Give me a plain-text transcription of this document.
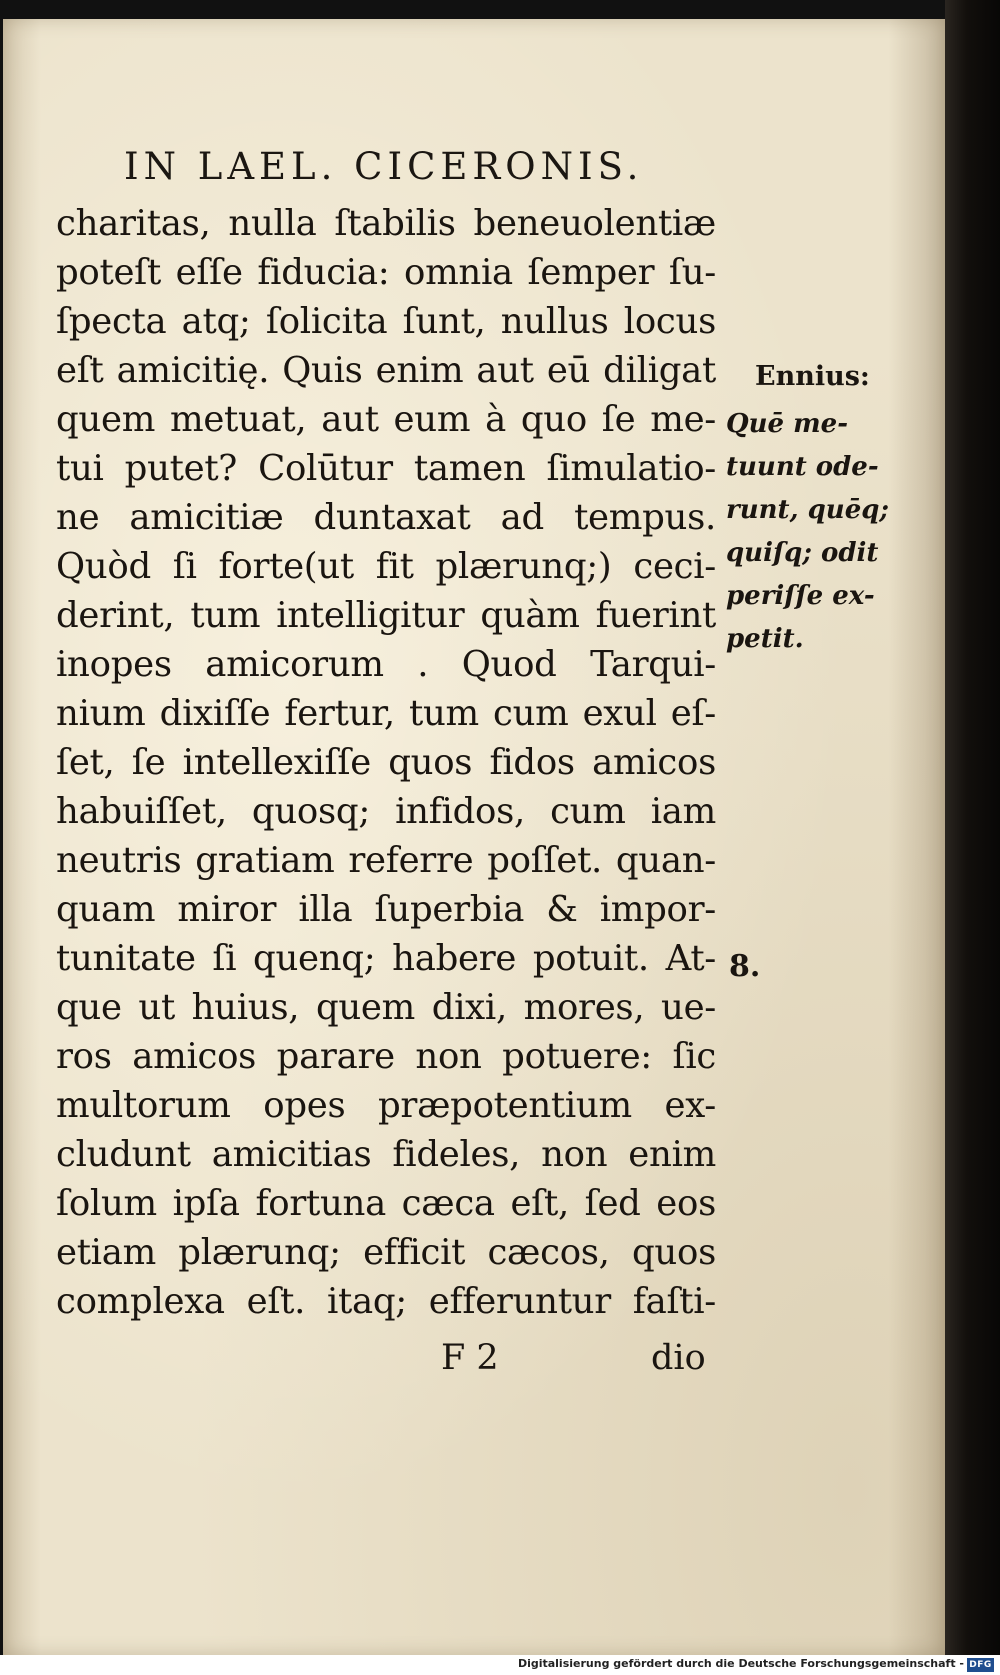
IN LAEL. CICERONIS.
charitas, nulla ſtabilis beneuolentiæ
poteſt eſſe fiducia: omnia ſemper ſu-
ſpecta atq; ſolicita ſunt, nullus locus
eſt amicitię. Quis enim aut eū diligat
quem metuat, aut eum à quo ſe me-
tui putet? Colūtur tamen ſimulatio-
ne amicitiæ duntaxat ad tempus.
Quòd ſi forte(ut fit plærunq;) ceci-
derint, tum intelligitur quàm fuerint
inopes amicorum . Quod Tarqui-
nium dixiſſe fertur, tum cum exul eſ-
ſet, ſe intellexiſſe quos fidos amicos
habuiſſet, quosq; infidos, cum iam
neutris gratiam referre poſſet. quan-
quam miror illa ſuperbia & impor-
tunitate ſi quenq; habere potuit. At-
que ut huius, quem dixi, mores, ue-
ros amicos parare non potuere: ſic
multorum opes præpotentium ex-
cludunt amicitias fideles, non enim
ſolum ipſa fortuna cæca eſt, ſed eos
etiam plærunq; efficit cæcos, quos
complexa eſt. itaq; efferuntur faſti-
F 2	dio
Ennius:
Quē me-
tuunt ode-
runt, quēq;
quiſq; odit
periſſe ex-
petit.
8.
Digitalisierung gefördert durch die Deutsche Forschungsgemeinschaft - DFG
